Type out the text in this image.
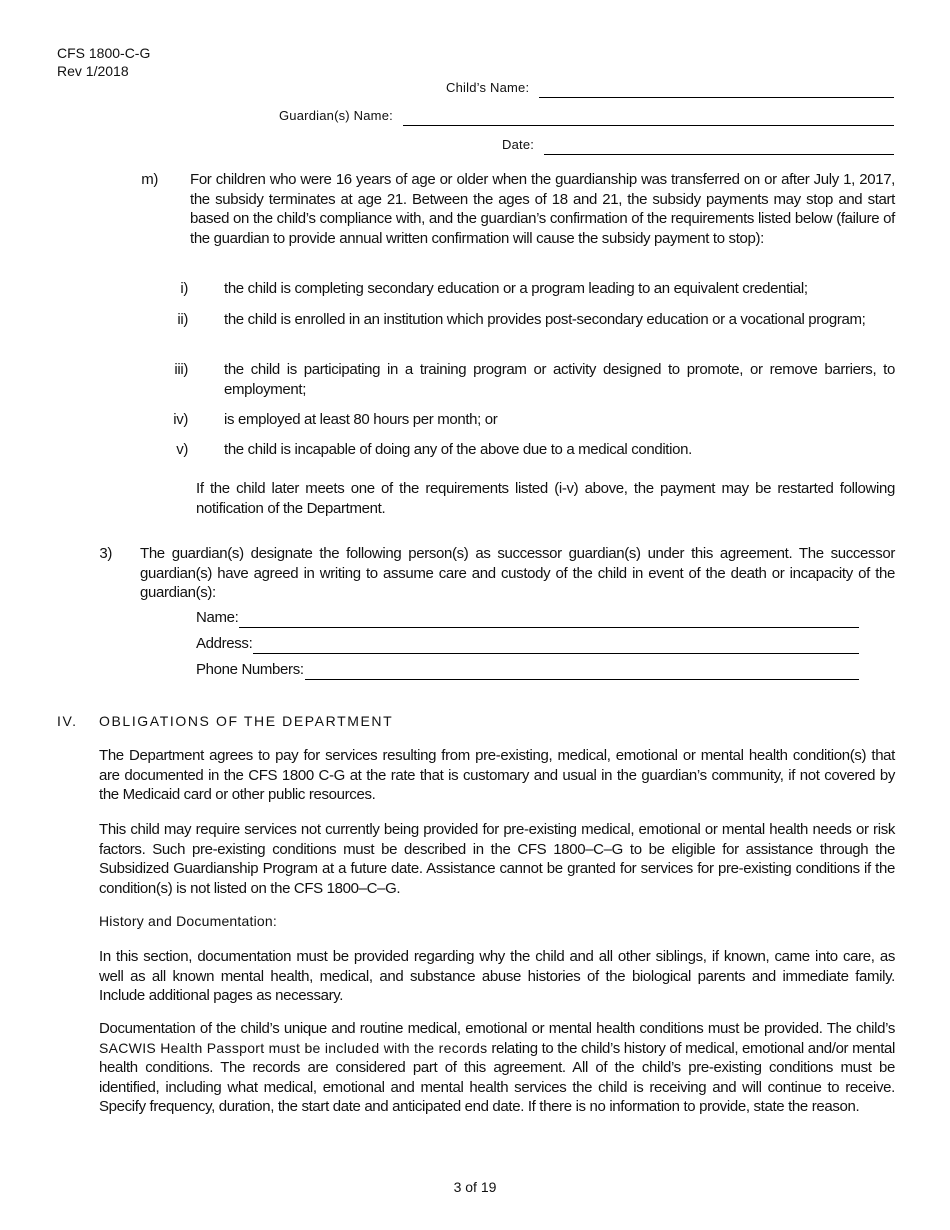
CFS 1800-C-G
Rev 1/2018
Child’s Name:
Guardian(s) Name:
Date:
m) For children who were 16 years of age or older when the guardianship was transferred on or after July 1, 2017, the subsidy terminates at age 21. Between the ages of 18 and 21, the subsidy payments may stop and start based on the child’s compliance with, and the guardian’s confirmation of the requirements listed below (failure of the guardian to provide annual written confirmation will cause the subsidy payment to stop):
i) the child is completing secondary education or a program leading to an equivalent credential;
ii) the child is enrolled in an institution which provides post-secondary education or a vocational program;
iii) the child is participating in a training program or activity designed to promote, or remove barriers, to employment;
iv) is employed at least 80 hours per month; or
v) the child is incapable of doing any of the above due to a medical condition.
If the child later meets one of the requirements listed (i-v) above, the payment may be restarted following notification of the Department.
3) The guardian(s) designate the following person(s) as successor guardian(s) under this agreement. The successor guardian(s) have agreed in writing to assume care and custody of the child in event of the death or incapacity of the guardian(s):
Name:
Address:
Phone Numbers:
IV. OBLIGATIONS OF THE DEPARTMENT
The Department agrees to pay for services resulting from pre-existing, medical, emotional or mental health condition(s) that are documented in the CFS 1800 C-G at the rate that is customary and usual in the guardian’s community, if not covered by the Medicaid card or other public resources.
This child may require services not currently being provided for pre-existing medical, emotional or mental health needs or risk factors. Such pre-existing conditions must be described in the CFS 1800–C–G to be eligible for assistance through the Subsidized Guardianship Program at a future date. Assistance cannot be granted for services for pre-existing conditions if the condition(s) is not listed on the CFS 1800–C–G.
History and Documentation:
In this section, documentation must be provided regarding why the child and all other siblings, if known, came into care, as well as all known mental health, medical, and substance abuse histories of the biological parents and immediate family. Include additional pages as necessary.
Documentation of the child’s unique and routine medical, emotional or mental health conditions must be provided. The child’s SACWIS Health Passport must be included with the records relating to the child’s history of medical, emotional and/or mental health conditions. The records are considered part of this agreement. All of the child’s pre-existing conditions must be identified, including what medical, emotional and mental health services the child is receiving and will continue to receive. Specify frequency, duration, the start date and anticipated end date. If there is no information to provide, state the reason.
3 of 19
